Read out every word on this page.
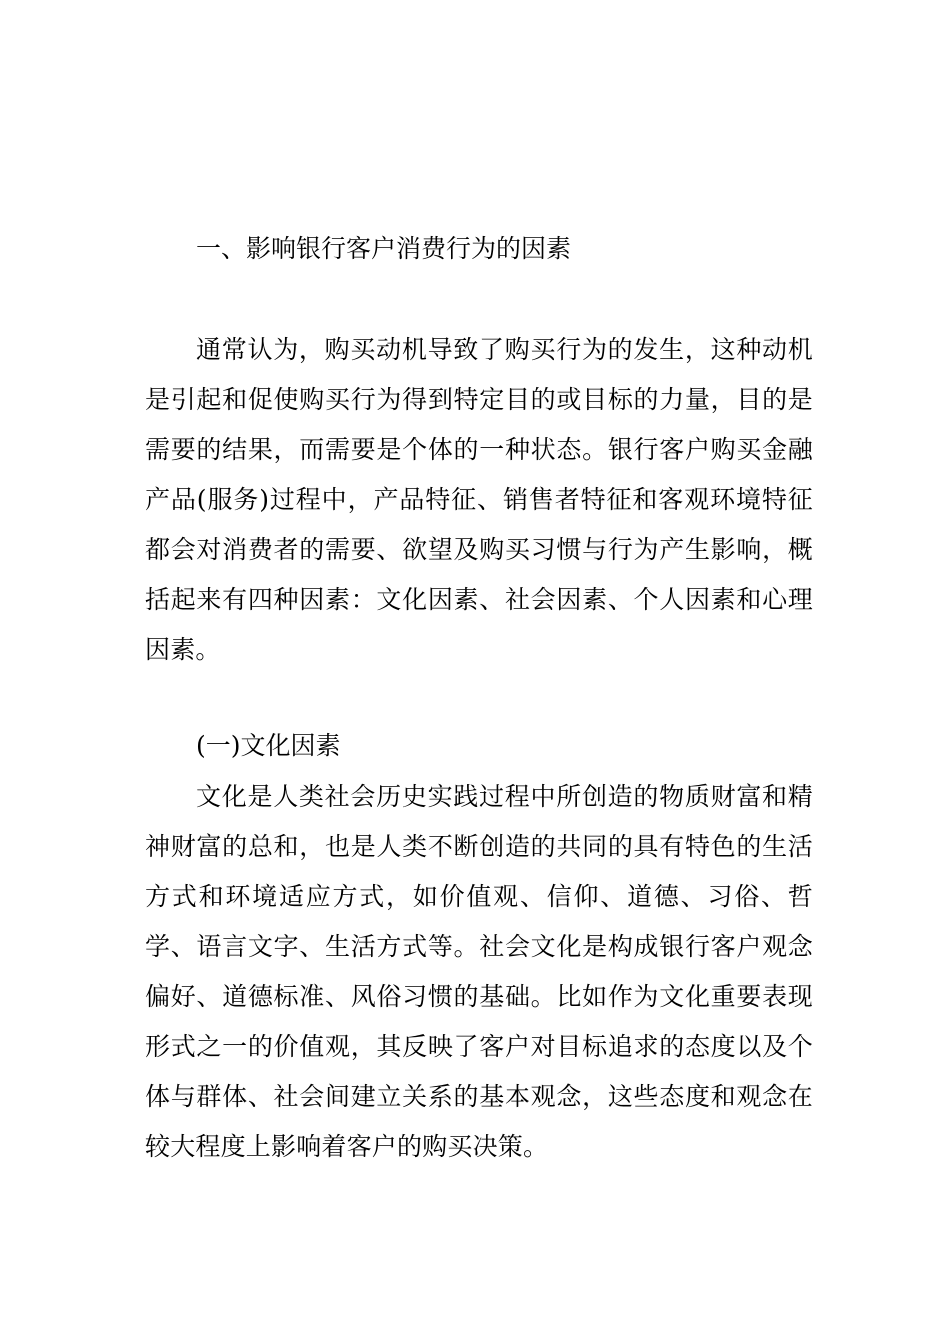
一、影响银行客户消费行为的因素

通常认为，购买动机导致了购买行为的发生，这种动机是引起和促使购买行为得到特定目的或目标的力量，目的是需要的结果，而需要是个体的一种状态。银行客户购买金融产品(服务)过程中，产品特征、销售者特征和客观环境特征都会对消费者的需要、欲望及购买习惯与行为产生影响，概括起来有四种因素：文化因素、社会因素、个人因素和心理因素。

(一)文化因素

文化是人类社会历史实践过程中所创造的物质财富和精神财富的总和，也是人类不断创造的共同的具有特色的生活方式和环境适应方式，如价值观、信仰、道德、习俗、哲学、语言文字、生活方式等。社会文化是构成银行客户观念偏好、道德标准、风俗习惯的基础。比如作为文化重要表现形式之一的价值观，其反映了客户对目标追求的态度以及个体与群体、社会间建立关系的基本观念，这些态度和观念在较大程度上影响着客户的购买决策。
